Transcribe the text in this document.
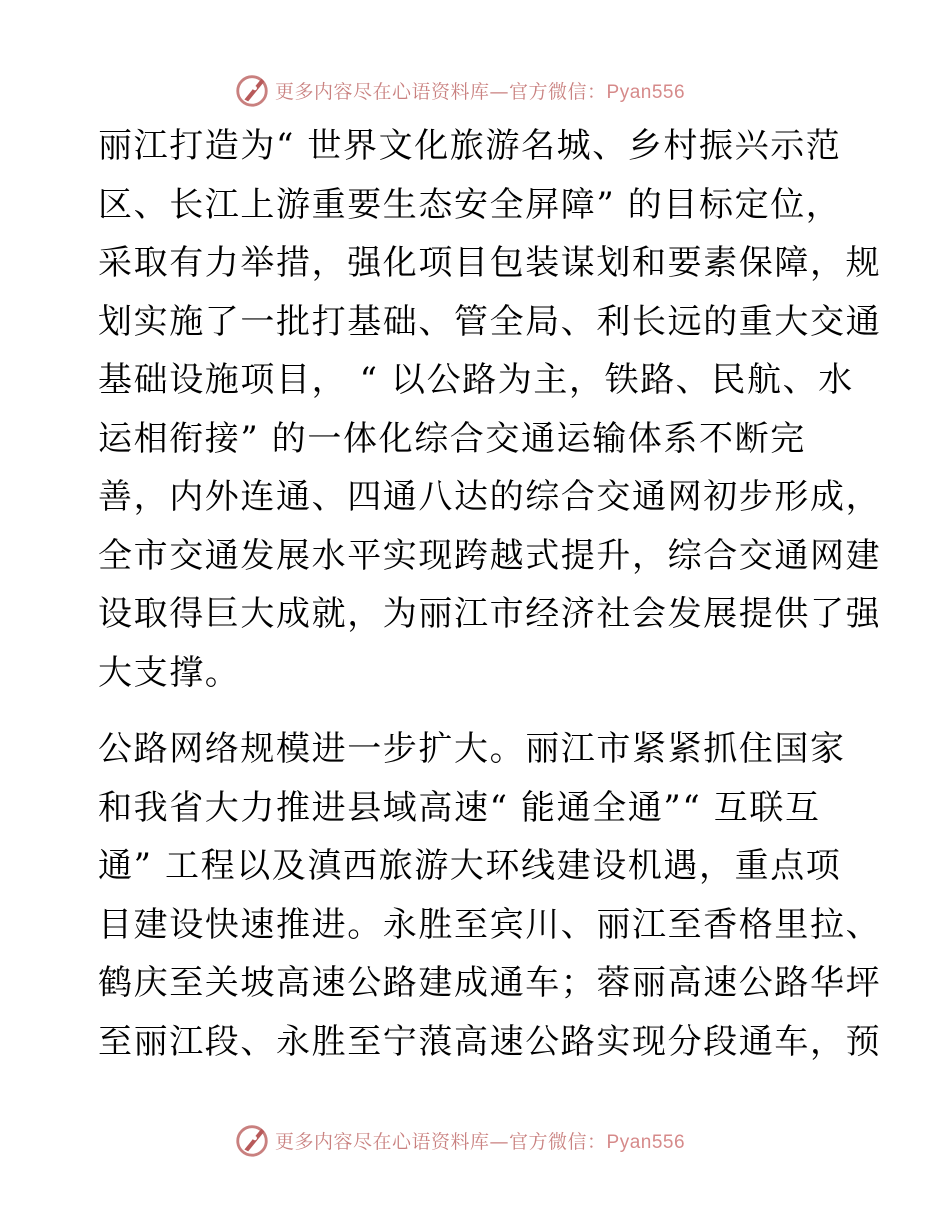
更多内容尽在心语资料库—官方微信：Pyan556

丽江打造为“ 世界文化旅游名城、乡村振兴示范
区、长江上游重要生态安全屏障” 的目标定位，
采取有力举措，强化项目包装谋划和要素保障，规
划实施了一批打基础、管全局、利长远的重大交通
基础设施项目， “ 以公路为主，铁路、民航、水
运相衔接” 的一体化综合交通运输体系不断完
善，内外连通、四通八达的综合交通网初步形成，
全市交通发展水平实现跨越式提升，综合交通网建
设取得巨大成就，为丽江市经济社会发展提供了强
大支撑。

公路网络规模进一步扩大。丽江市紧紧抓住国家
和我省大力推进县域高速“ 能通全通”“ 互联互
通” 工程以及滇西旅游大环线建设机遇，重点项
目建设快速推进。永胜至宾川、丽江至香格里拉、
鹤庆至关坡高速公路建成通车；蓉丽高速公路华坪
至丽江段、永胜至宁蒗高速公路实现分段通车，预

更多内容尽在心语资料库—官方微信：Pyan556
